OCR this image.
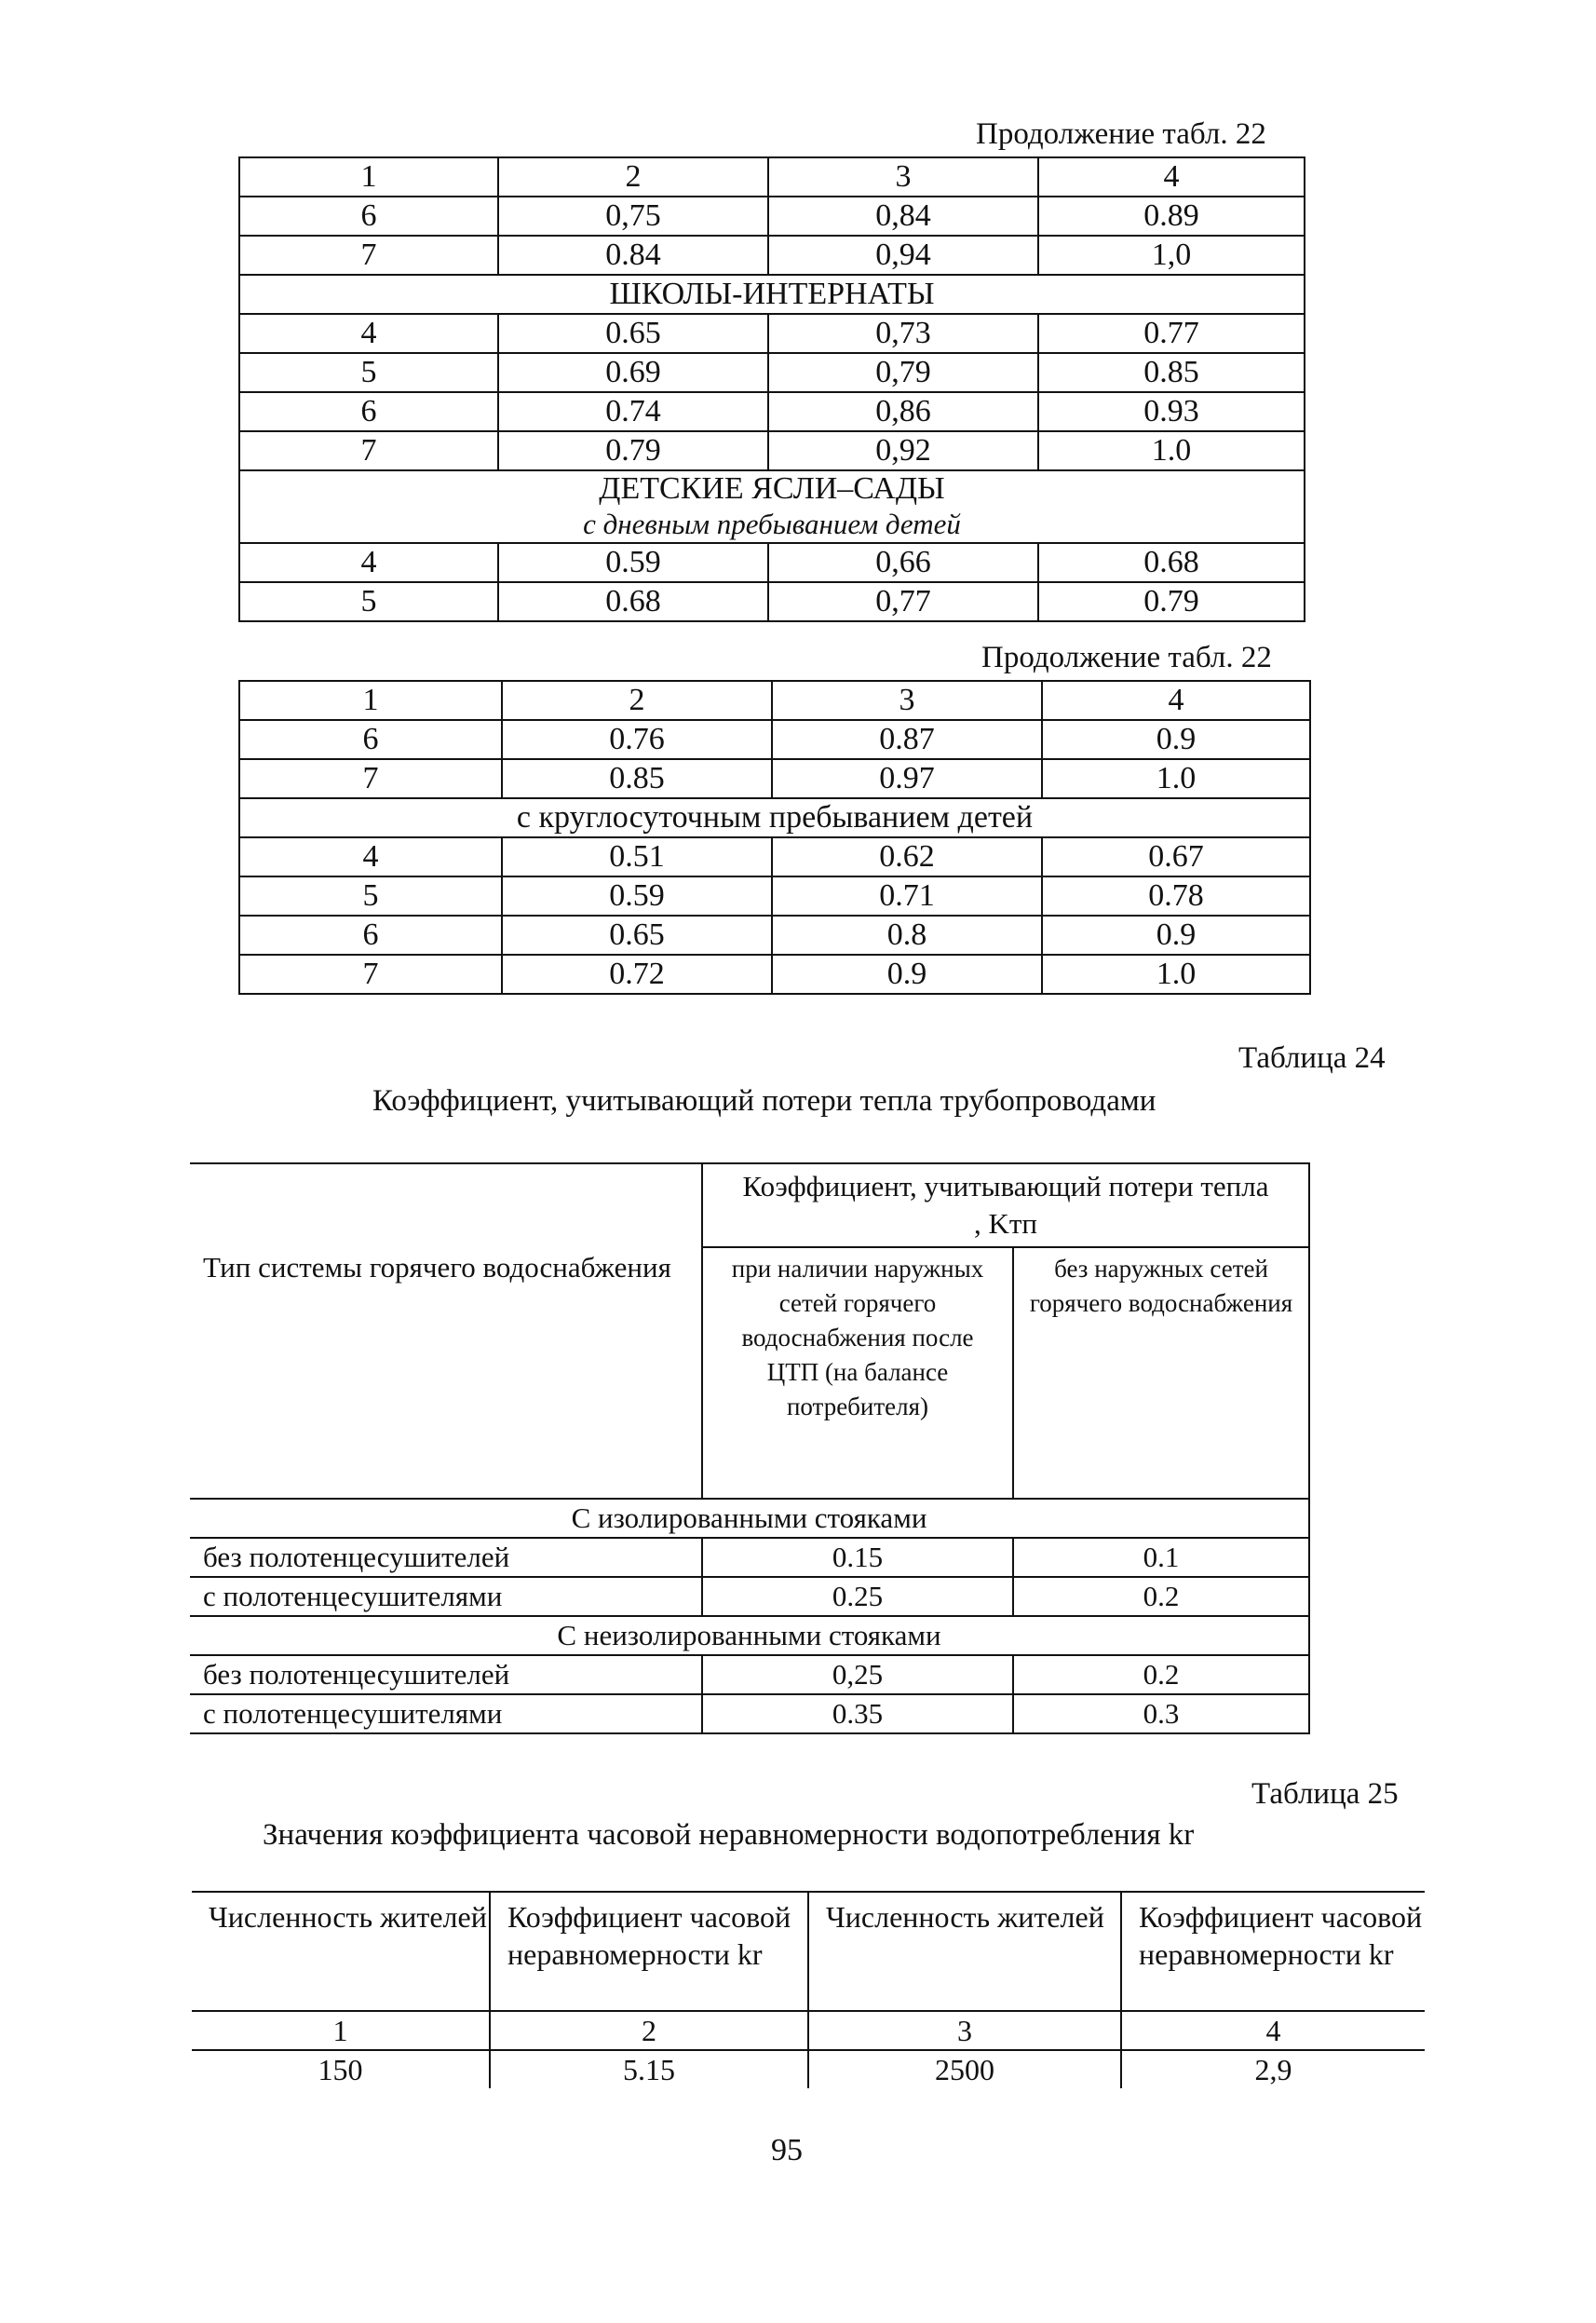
Продолжение табл. 22
1	2	3	4
6	0,75	0,84	0.89
7	0.84	0,94	1,0
ШКОЛЫ-ИНТЕРНАТЫ			
4	0.65	0,73	0.77
5	0.69	0,79	0.85
6	0.74	0,86	0.93
7	0.79	0,92	1.0

ДЕТСКИЕ ЯСЛИ–САДЫ
с дневным пребыванием детей			

4	0.59	0,66	0.68
5	0.68	0,77	0.79
Продолжение табл. 22
1	2	3	4
6	0.76	0.87	0.9
7	0.85	0.97	1.0
с круглосуточным пребыванием детей			
4	0.51	0.62	0.67
5	0.59	0.71	0.78
6	0.65	0.8	0.9
7	0.72	0.9	1.0
Таблица 24
Коэффициент, учитывающий потери тепла трубопроводами
Тип системы горячего водоснабжения	Коэффициент, учитывающий потери тепла , Kтп	
	при наличии наружных сетей горячего водоснабжения после ЦТП (на балансе потребителя)	без наружных сетей горячего водоснабжения
С изолированными стояками		
без полотенцесушителей	0.15	0.1
с полотенцесушителями	0.25	0.2
С неизолированными стояками		
без полотенцесушителей	0,25	0.2
с полотенцесушителями	0.35	0.3
Таблица 25
Значения коэффициента часовой неравномерности водопотребления kr
Численность жителей	Коэффициент часовой неравномерности kr	Численность жителей	Коэффициент часовой неравномерности kr
1	2	3	4
150	5.15	2500	2,9
95
